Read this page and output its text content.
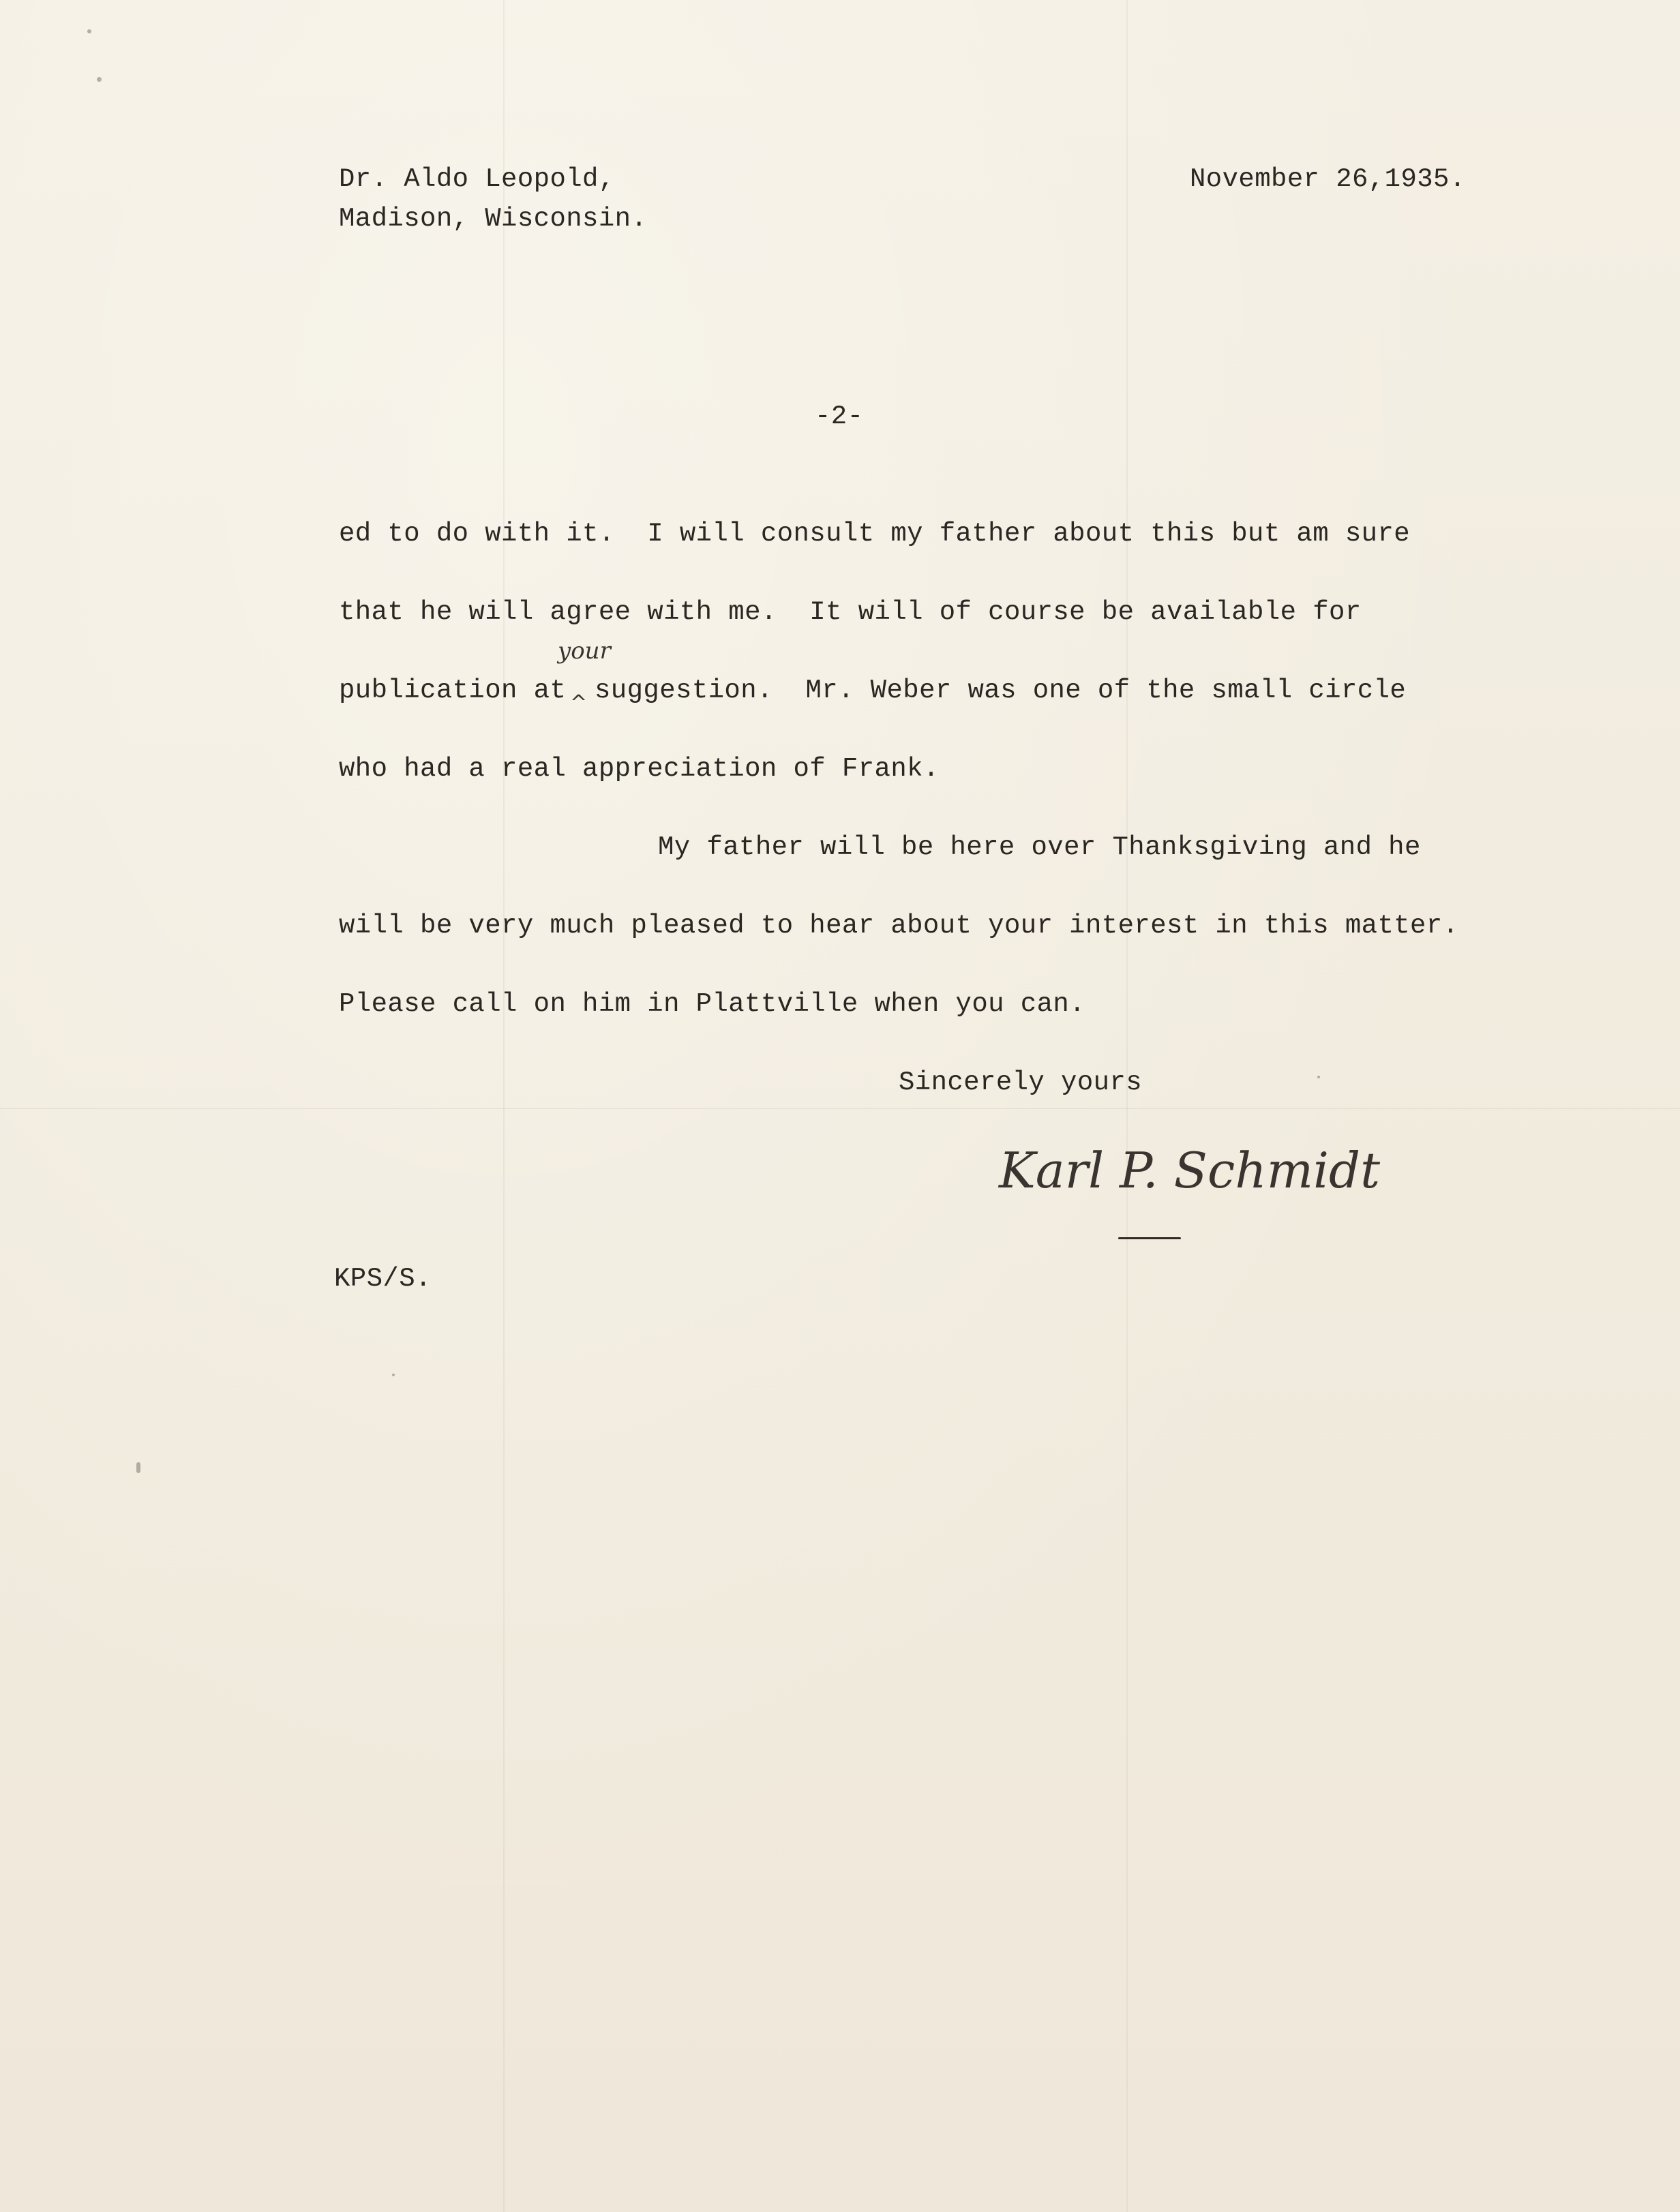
Dr. Aldo Leopold,
Madison, Wisconsin.
November 26,1935.
-2-
ed to do with it.  I will consult my father about this but am sure
that he will agree with me.  It will of course be available for
publication at
your
^ suggestion.  Mr. Weber was one of the small circle
who had a real appreciation of Frank.
My father will be here over Thanksgiving and he
will be very much pleased to hear about your interest in this matter.
Please call on him in Plattville when you can.
Sincerely yours
Karl P. Schmidt
KPS/S.
